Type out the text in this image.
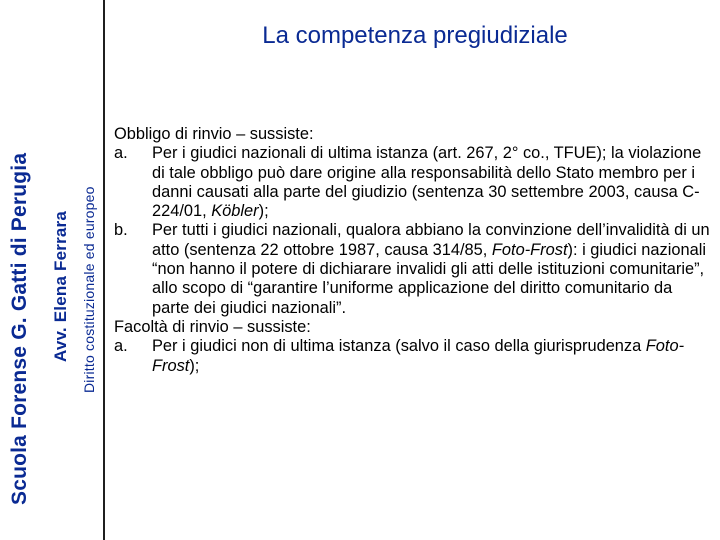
Scuola Forense G. Gatti di Perugia Avv. Elena Ferrara Diritto costituzionale ed europeo
La competenza pregiudiziale
Obbligo di rinvio – sussiste:
a.	Per i giudici nazionali di ultima istanza (art. 267, 2° co., TFUE); la violazione di tale obbligo può dare origine alla responsabilità dello Stato membro per i danni causati alla parte del giudizio (sentenza 30 settembre 2003, causa C-224/01, Köbler);
b.	Per tutti i giudici nazionali, qualora abbiano la convinzione dell’invalidità di un atto (sentenza 22 ottobre 1987, causa 314/85, Foto-Frost): i giudici nazionali “non hanno il potere di dichiarare invalidi gli atti delle istituzioni comunitarie”, allo scopo di “garantire l’uniforme applicazione del diritto comunitario da parte dei giudici nazionali”.
Facoltà di rinvio – sussiste:
a.	Per i giudici non di ultima istanza (salvo il caso della giurisprudenza Foto-Frost);
